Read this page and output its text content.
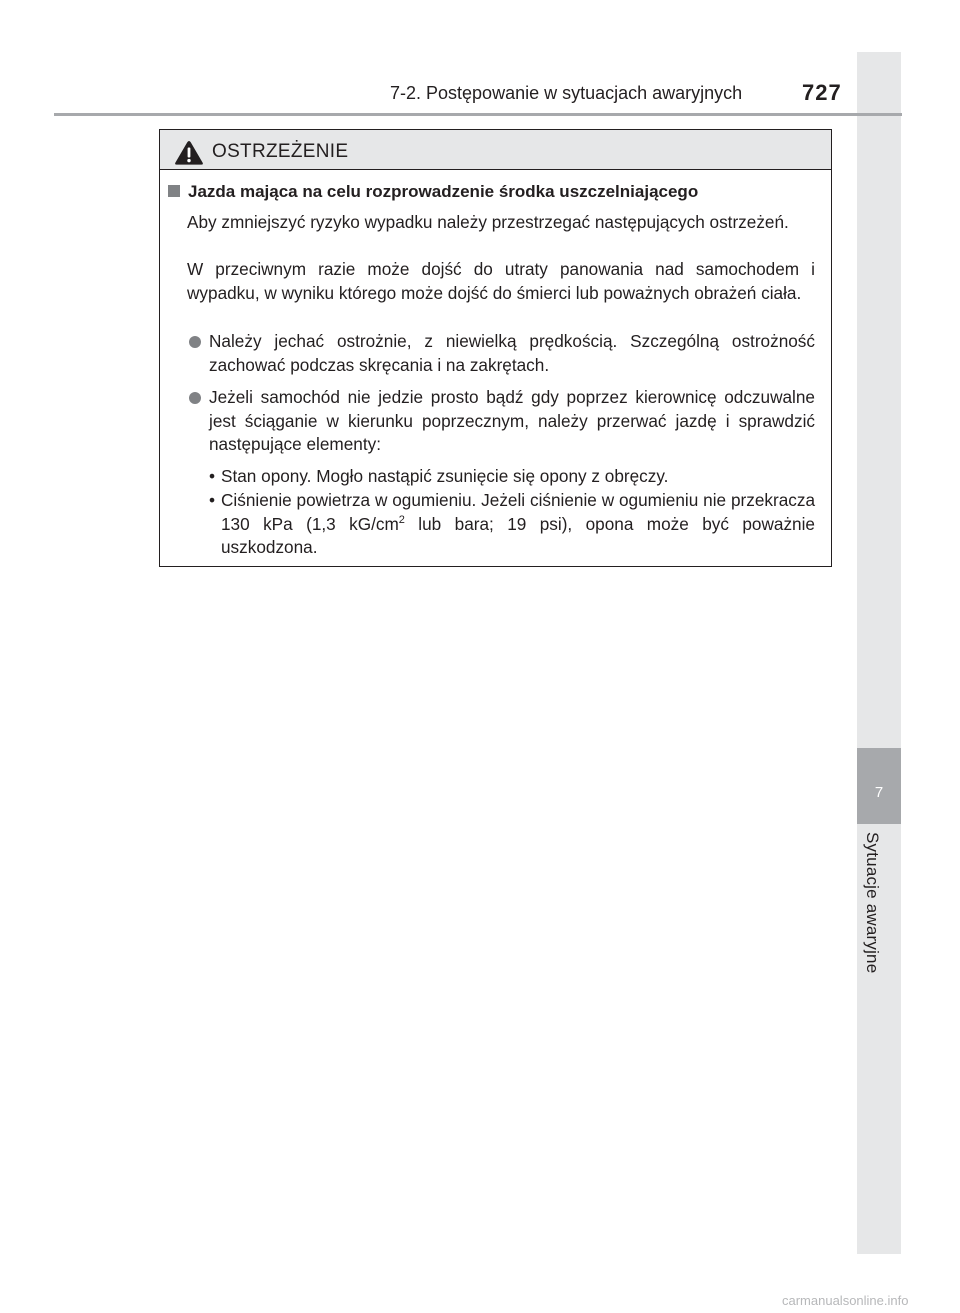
7
Sytuacje awaryjne
7-2. Postępowanie w sytuacjach awaryjnych	727
OSTRZEŻENIE
Jazda mająca na celu rozprowadzenie środka uszczelniającego
Aby zmniejszyć ryzyko wypadku należy przestrzegać następujących ostrzeżeń.
W przeciwnym razie może dojść do utraty panowania nad samochodem i wypadku, w wyniku którego może dojść do śmierci lub poważnych obrażeń ciała.
Należy jechać ostrożnie, z niewielką prędkością. Szczególną ostrożność zachować podczas skręcania i na zakrętach.
Jeżeli samochód nie jedzie prosto bądź gdy poprzez kierownicę odczuwalne jest ściąganie w kierunku poprzecznym, należy przerwać jazdę i sprawdzić następujące elementy:
• Stan opony. Mogło nastąpić zsunięcie się opony z obręczy.
• Ciśnienie powietrza w ogumieniu. Jeżeli ciśnienie w ogumieniu nie przekracza 130 kPa (1,3 $kG/cm^2$ lub bara; 19 psi), opona może być poważnie uszkodzona.
carmanualsonline.info
